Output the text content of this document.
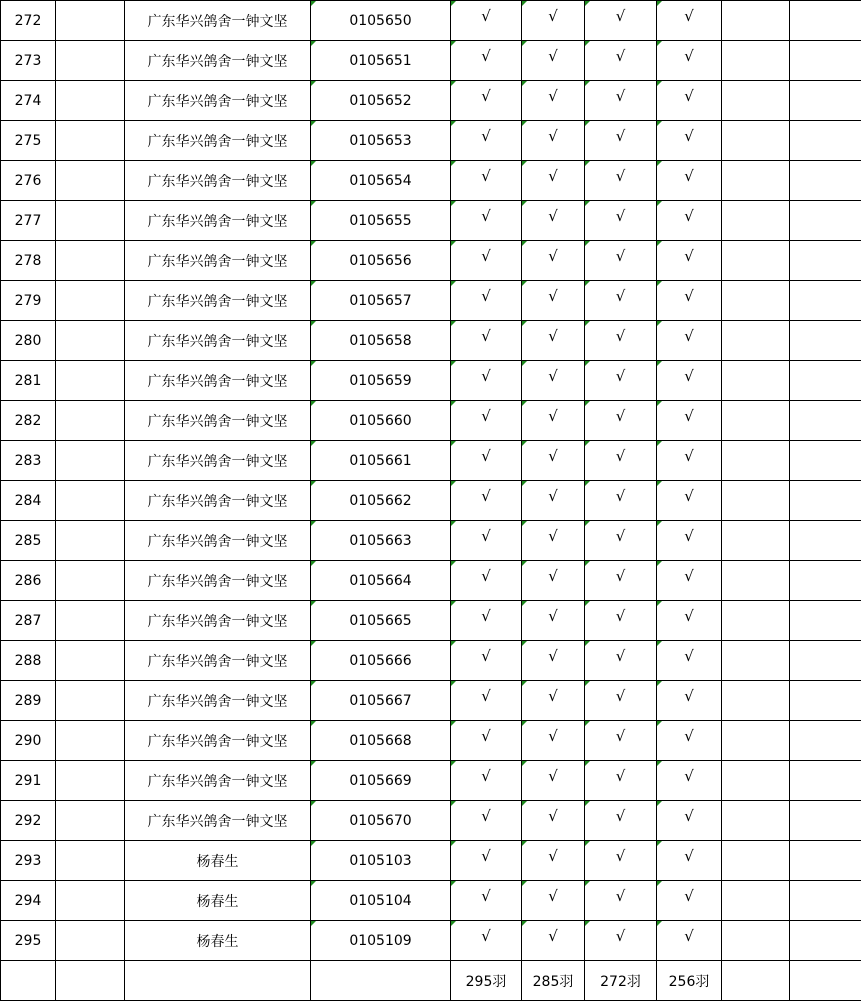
272		广东华兴鸽舍一钟文坚	0105650	√	√	√	√		
273		广东华兴鸽舍一钟文坚	0105651	√	√	√	√		
274		广东华兴鸽舍一钟文坚	0105652	√	√	√	√		
275		广东华兴鸽舍一钟文坚	0105653	√	√	√	√		
276		广东华兴鸽舍一钟文坚	0105654	√	√	√	√		
277		广东华兴鸽舍一钟文坚	0105655	√	√	√	√		
278		广东华兴鸽舍一钟文坚	0105656	√	√	√	√		
279		广东华兴鸽舍一钟文坚	0105657	√	√	√	√		
280		广东华兴鸽舍一钟文坚	0105658	√	√	√	√		
281		广东华兴鸽舍一钟文坚	0105659	√	√	√	√		
282		广东华兴鸽舍一钟文坚	0105660	√	√	√	√		
283		广东华兴鸽舍一钟文坚	0105661	√	√	√	√		
284		广东华兴鸽舍一钟文坚	0105662	√	√	√	√		
285		广东华兴鸽舍一钟文坚	0105663	√	√	√	√		
286		广东华兴鸽舍一钟文坚	0105664	√	√	√	√		
287		广东华兴鸽舍一钟文坚	0105665	√	√	√	√		
288		广东华兴鸽舍一钟文坚	0105666	√	√	√	√		
289		广东华兴鸽舍一钟文坚	0105667	√	√	√	√		
290		广东华兴鸽舍一钟文坚	0105668	√	√	√	√		
291		广东华兴鸽舍一钟文坚	0105669	√	√	√	√		
292		广东华兴鸽舍一钟文坚	0105670	√	√	√	√		
293		杨春生	0105103	√	√	√	√		
294		杨春生	0105104	√	√	√	√		
295		杨春生	0105109	√	√	√	√		
				295羽	285羽	272羽	256羽		
